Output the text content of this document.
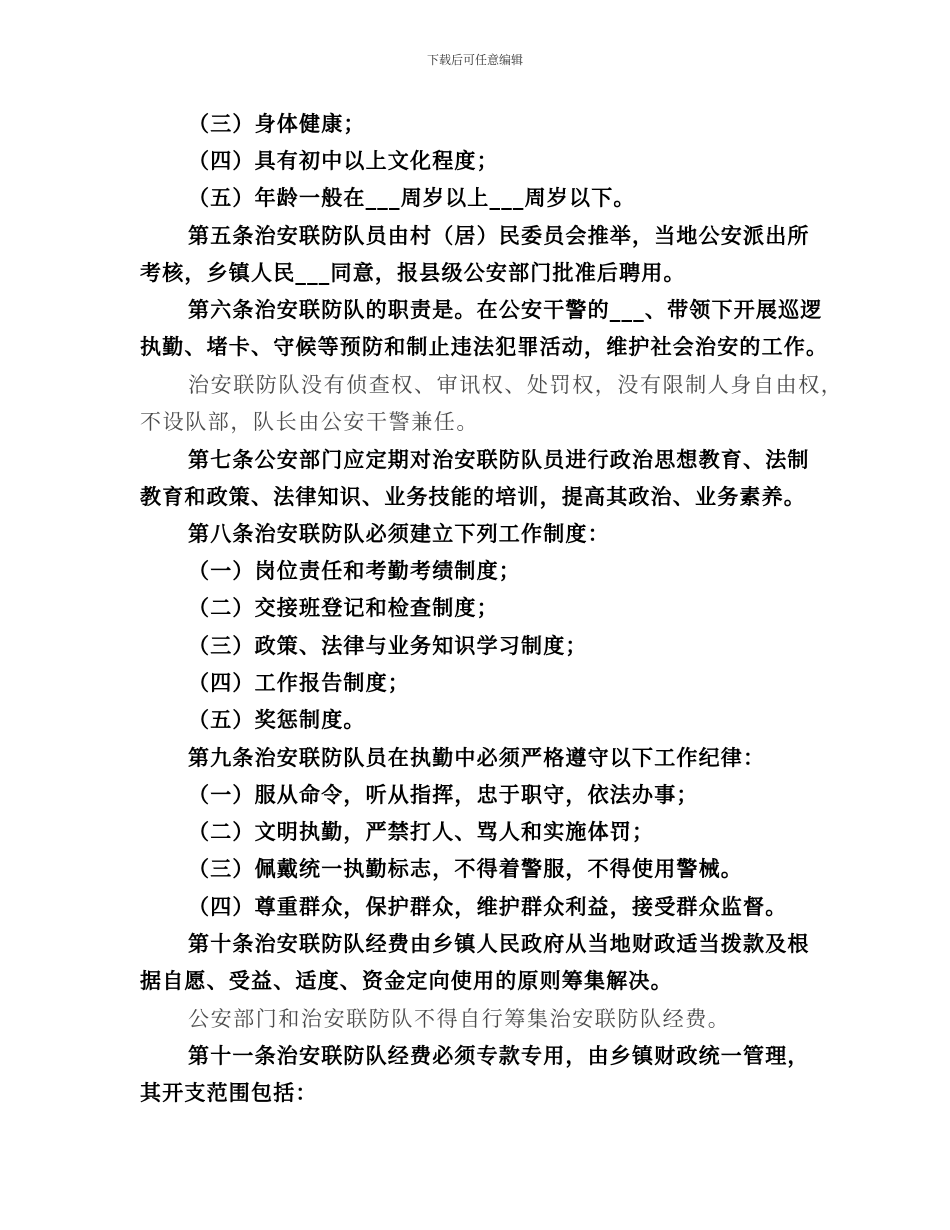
下载后可任意编辑
（三）身体健康；
（四）具有初中以上文化程度；
（五）年龄一般在___周岁以上___周岁以下。
第五条治安联防队员由村（居）民委员会推举，当地公安派出所
考核，乡镇人民___同意，报县级公安部门批准后聘用。
第六条治安联防队的职责是。在公安干警的___、带领下开展巡逻
执勤、堵卡、守候等预防和制止违法犯罪活动，维护社会治安的工作。
治安联防队没有侦查权、审讯权、处罚权，没有限制人身自由权，
不设队部，队长由公安干警兼任。
第七条公安部门应定期对治安联防队员进行政治思想教育、法制
教育和政策、法律知识、业务技能的培训，提高其政治、业务素养。
第八条治安联防队必须建立下列工作制度：
（一）岗位责任和考勤考绩制度；
（二）交接班登记和检查制度；
（三）政策、法律与业务知识学习制度；
（四）工作报告制度；
（五）奖惩制度。
第九条治安联防队员在执勤中必须严格遵守以下工作纪律：
（一）服从命令，听从指挥，忠于职守，依法办事；
（二）文明执勤，严禁打人、骂人和实施体罚；
（三）佩戴统一执勤标志，不得着警服，不得使用警械。
（四）尊重群众，保护群众，维护群众利益，接受群众监督。
第十条治安联防队经费由乡镇人民政府从当地财政适当拨款及根
据自愿、受益、适度、资金定向使用的原则筹集解决。
公安部门和治安联防队不得自行筹集治安联防队经费。
第十一条治安联防队经费必须专款专用，由乡镇财政统一管理，
其开支范围包括：
